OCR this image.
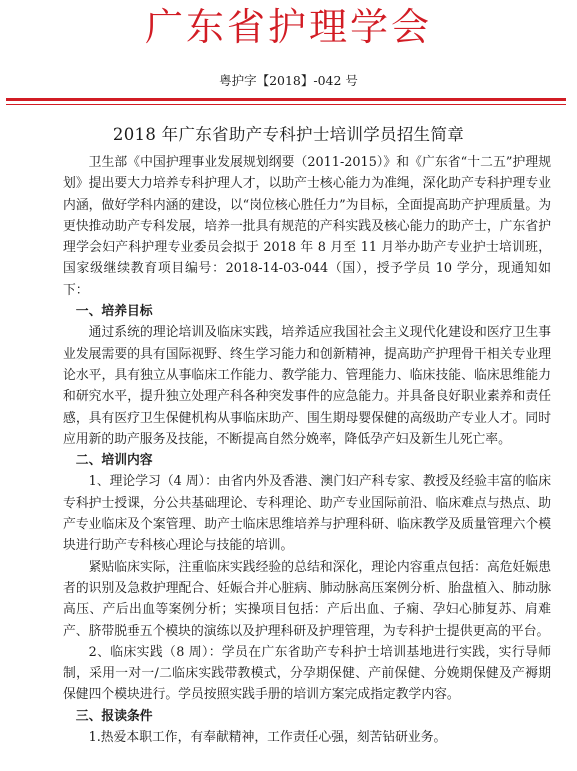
广东省护理学会
粤护字【2018】-042 号
2018 年广东省助产专科护士培训学员招生简章

卫生部《中国护理事业发展规划纲要（2011-2015）》和《广东省“十二五”护理规划》提出要大力培养专科护理人才，以助产士核心能力为准绳，深化助产专科护理专业内涵，做好学科内涵的建设，以“岗位核心胜任力”为目标，全面提高助产护理质量。为更快推动助产专科发展，培养一批具有规范的产科实践及核心能力的助产士，广东省护理学会妇产科护理专业委员会拟于 2018 年 8 月至 11 月举办助产专业护士培训班，国家级继续教育项目编号：2018-14-03-044（国），授予学员 10 学分，现通知如下：

一、培养目标

通过系统的理论培训及临床实践，培养适应我国社会主义现代化建设和医疗卫生事业发展需要的具有国际视野、终生学习能力和创新精神，提高助产护理骨干相关专业理论水平，具有独立从事临床工作能力、教学能力、管理能力、临床技能、临床思维能力和研究水平，提升独立处理产科各种突发事件的应急能力。并具备良好职业素养和责任感，具有医疗卫生保健机构从事临床助产、围生期母婴保健的高级助产专业人才。同时应用新的助产服务及技能，不断提高自然分娩率，降低孕产妇及新生儿死亡率。

二、培训内容

1、理论学习（4 周）：由省内外及香港、澳门妇产科专家、教授及经验丰富的临床专科护士授课，分公共基础理论、专科理论、助产专业国际前沿、临床难点与热点、助产专业临床及个案管理、助产士临床思维培养与护理科研、临床教学及质量管理六个模块进行助产专科核心理论与技能的培训。

紧贴临床实际，注重临床实践经验的总结和深化，理论内容重点包括：高危妊娠患者的识别及急救护理配合、妊娠合并心脏病、肺动脉高压案例分析、胎盘植入、肺动脉高压、产后出血等案例分析；实操项目包括：产后出血、子痫、孕妇心肺复苏、肩难产、脐带脱垂五个模块的演练以及护理科研及护理管理，为专科护士提供更高的平台。

2、临床实践（8 周）：学员在广东省助产专科护士培训基地进行实践，实行导师制，采用一对一/二临床实践带教模式，分孕期保健、产前保健、分娩期保健及产褥期保健四个模块进行。学员按照实践手册的培训方案完成指定教学内容。

三、报读条件

1.热爱本职工作，有奉献精神，工作责任心强，刻苦钻研业务。
